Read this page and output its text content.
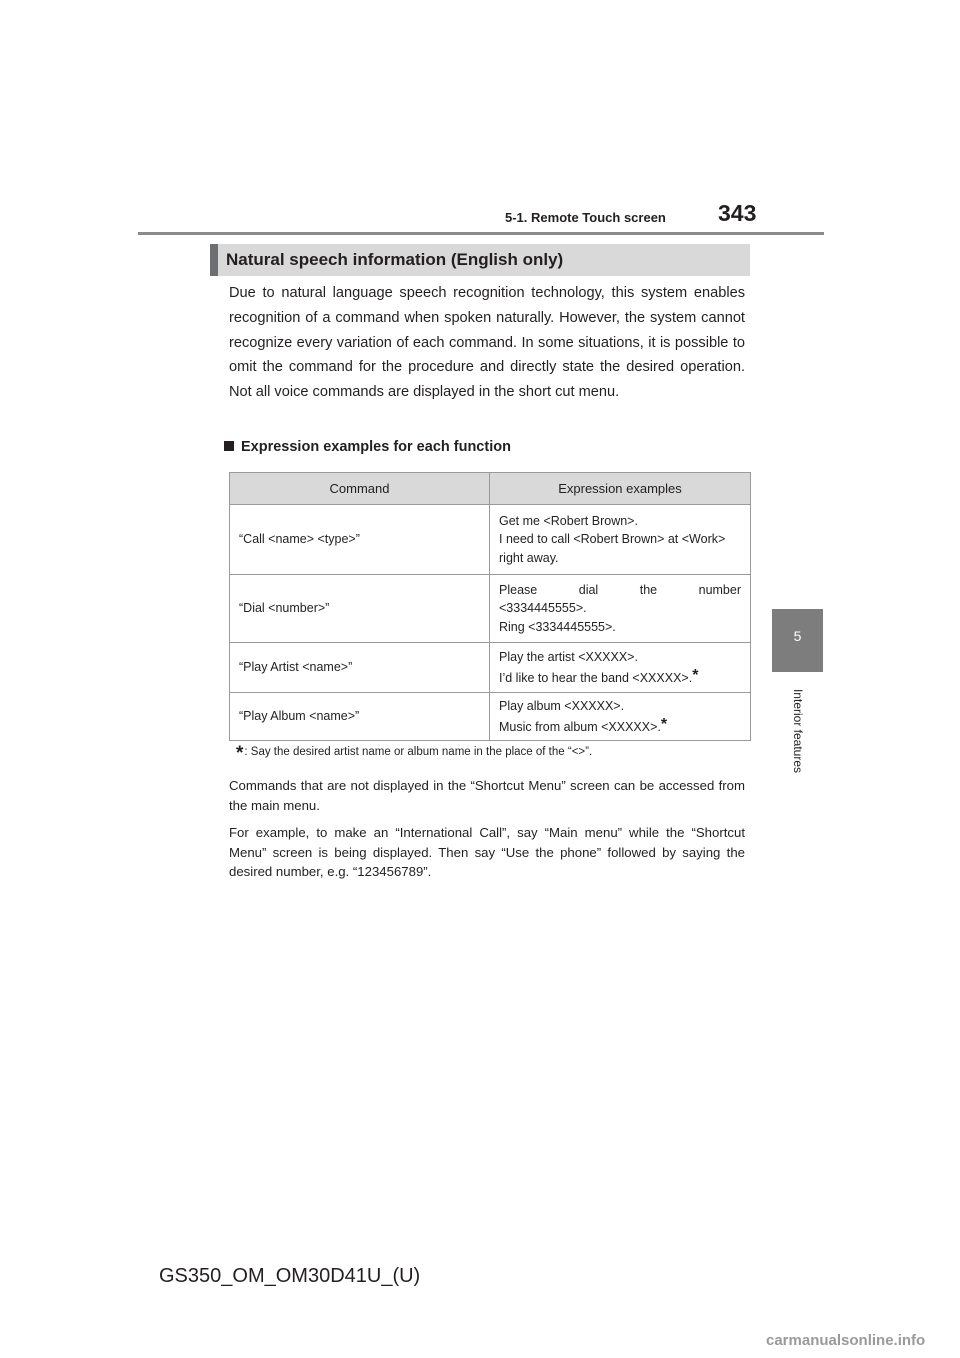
5-1. Remote Touch screen 343
5
Interior features
Natural speech information (English only)
Due to natural language speech recognition technology, this system enables recognition of a command when spoken naturally. However, the system cannot recognize every variation of each command. In some situations, it is possible to omit the command for the procedure and directly state the desired operation. Not all voice commands are displayed in the short cut menu.
Expression examples for each function
Command	Expression examples
“Call <name> <type>”	Get me <Robert Brown>.
I need to call <Robert Brown> at <Work>
right away.
“Dial <number>”	Please dial the number
<3334445555>.
Ring <3334445555>.
“Play Artist <name>”	Play the artist <XXXXX>.
I’d like to hear the band <XXXXX>.*
“Play Album <name>”	Play album <XXXXX>.
Music from album <XXXXX>.*
*: Say the desired artist name or album name in the place of the “<>”.
Commands that are not displayed in the “Shortcut Menu” screen can be accessed from the main menu.
For example, to make an “International Call”, say “Main menu” while the “Shortcut Menu” screen is being displayed. Then say “Use the phone” followed by saying the desired number, e.g. “123456789”.
GS350_OM_OM30D41U_(U)
carmanualsonline.info
